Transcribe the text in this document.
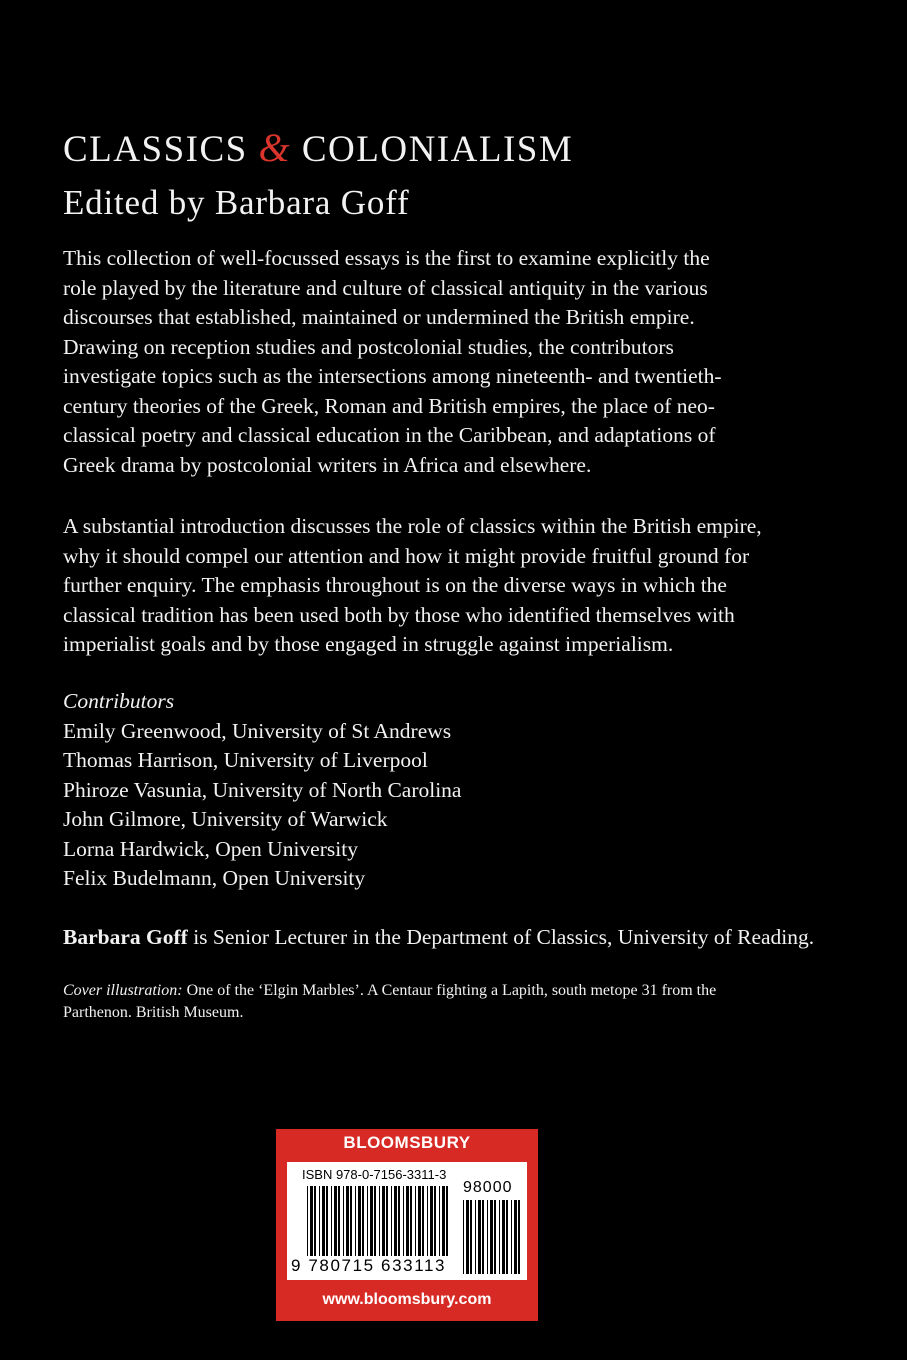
CLASSICS & COLONIALISM
Edited by Barbara Goff
This collection of well-focussed essays is the first to examine explicitly the
role played by the literature and culture of classical antiquity in the various
discourses that established, maintained or undermined the British empire.
Drawing on reception studies and postcolonial studies, the contributors
investigate topics such as the intersections among nineteenth- and twentieth-
century theories of the Greek, Roman and British empires, the place of neo-
classical poetry and classical education in the Caribbean, and adaptations of
Greek drama by postcolonial writers in Africa and elsewhere.
A substantial introduction discusses the role of classics within the British empire,
why it should compel our attention and how it might provide fruitful ground for
further enquiry. The emphasis throughout is on the diverse ways in which the
classical tradition has been used both by those who identified themselves with
imperialist goals and by those engaged in struggle against imperialism.
Contributors
Emily Greenwood, University of St Andrews
Thomas Harrison, University of Liverpool
Phiroze Vasunia, University of North Carolina
John Gilmore, University of Warwick
Lorna Hardwick, Open University
Felix Budelmann, Open University
Barbara Goff is Senior Lecturer in the Department of Classics, University of Reading.
Cover illustration: One of the ‘Elgin Marbles’. A Centaur fighting a Lapith, south metope 31 from the
Parthenon. British Museum.
BLOOMSBURY
ISBN 978-0-7156-3311-3
98000
9 780715 633113
www.bloomsbury.com
